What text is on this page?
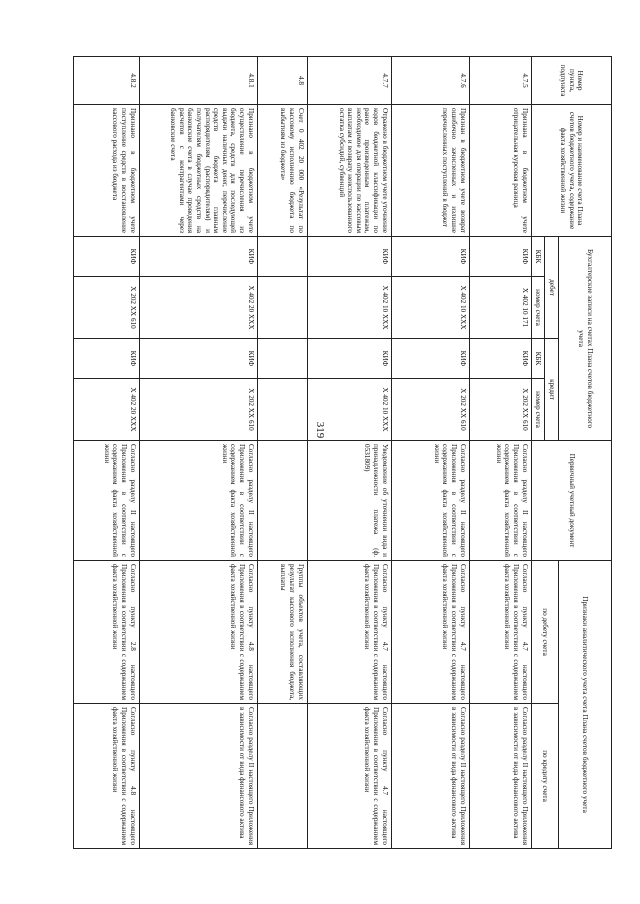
319
Номер пункта, подпункта	Номер и наименование счета Плана счетов бюджетного учета, содержание факта хозяйственной жизни	Бухгалтерские записи на счетах Плана счетов бюджетного учета				Первичный учетный документ	Признаки аналитического учета счета Плана счетов бюджетного учета	
		дебет		кредит			по дебету счета	по кредиту счета
		КБК	номер счета	КБК	номер счета			
4.7.5	Признана в бюджетном учете отрицательная курсовая разница	КИФ	Х 402 10 171	КИФ	Х 202 ХХ 610	Согласно разделу II настоящего Приложения в соответствии с содержанием факта хозяйственной жизни	Согласно пункту 4.7 настоящего Приложения в соответствии с содержанием факта хозяйственной жизни	Согласно разделу II настоящего Приложения в зависимости от вида финансового актива
4.7.6	Признан в бюджетном учете возврат ошибочно зачисленных и излишне перечисленных поступлений в бюджет	КИФ	Х 402 10 ХХХ	КИФ	Х 202 ХХ 610	Согласно разделу II настоящего Приложения в соответствии с содержанием факта хозяйственной жизни	Согласно пункту 4.7 настоящего Приложения в соответствии с содержанием факта хозяйственной жизни	Согласно разделу II настоящего Приложения в зависимости от вида финансового актива
4.7.7	Отражено в бюджетном учете уточнение кодов бюджетной классификации по ранее произведенным платежам, необходимое для операции по кассовым выплатам и возврату неиспользованного остатка субсидий, субвенций	КИФ	Х 402 10 ХХХ	КИФ	Х 402 10 ХХХ	Уведомление об уточнении вида и принадлежности платежа (ф. 0531809)	Согласно пункту 4.7 настоящего Приложения в соответствии с содержанием факта хозяйственной жизни	Согласно пункту 4.7 настоящего Приложения в соответствии с содержанием факта хозяйственной жизни
4.8	Счет 0 402 20 000 «Результат по кассовому исполнению бюджета по выбытиям из бюджета»						Группы объектов учета, составляющих результат кассового исполнения бюджета, выплаты	
4.8.1	Признано в бюджетном учете осуществление перечисления из бюджета, средств для последующей выдачи наличных денег, перечисление средств бюджета главным распорядителям (распорядителям) и получателям бюджетных средств на банковские счета в случае проведения расчетов с контрагентами через банковские счета	КИФ	Х 402 20 ХХХ	КИФ	Х 202 ХХ 610	Согласно разделу II настоящего Приложения в соответствии с содержанием факта хозяйственной жизни	Согласно пункту 4.8 настоящего Приложения в соответствии с содержанием факта хозяйственной жизни	Согласно разделу II настоящего Приложения в зависимости от вида финансового актива
4.8.2	Признано в бюджетном учете поступление средств в восстановление кассового расхода из бюджета	КИФ	Х 202 ХХ 610	КИФ	Х 402 20 ХХХ	Согласно разделу II настоящего Приложения в соответствии с содержанием факта хозяйственной жизни	Согласно пункту 2.8 настоящего Приложения в соответствии с содержанием факта хозяйственной жизни	Согласно пункту 4.8 настоящего Приложения в соответствии с содержанием факта хозяйственной жизни
